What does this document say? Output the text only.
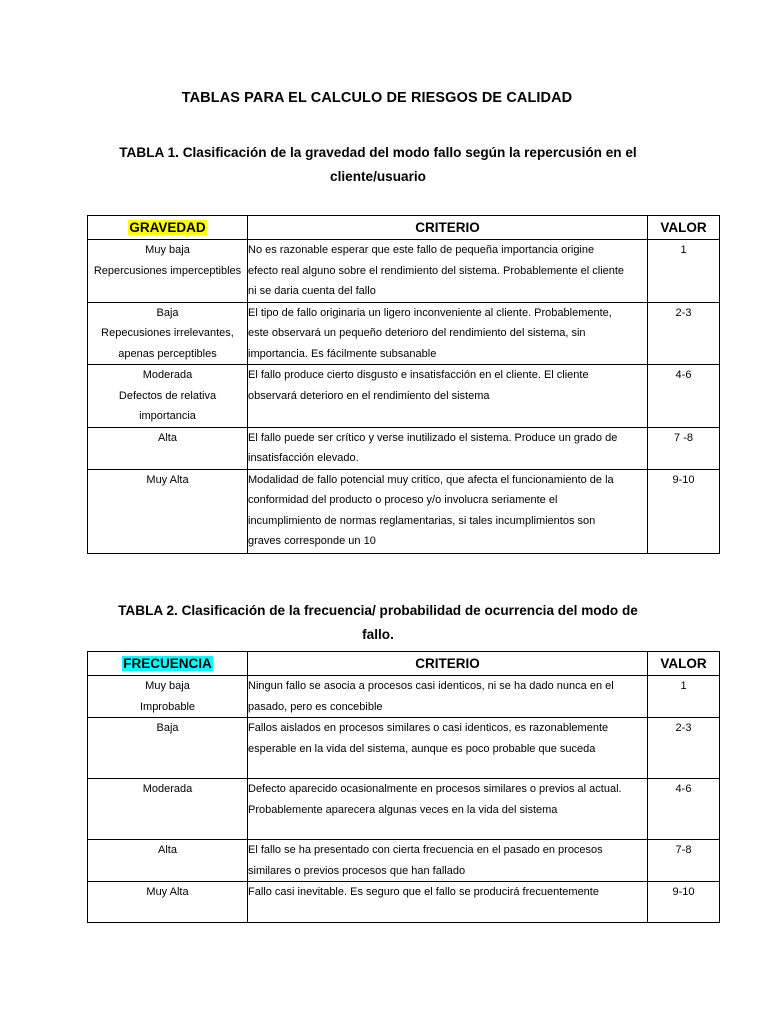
TABLAS PARA EL CALCULO DE RIESGOS DE CALIDAD
TABLA 1. Clasificación de la gravedad del modo fallo según la repercusión en el
cliente/usuario
GRAVEDAD	CRITERIO	VALOR

Muy baja
Repercusiones imperceptibles	No es razonable esperar que este fallo de pequeña importancia origine
efecto real alguno sobre el rendimiento del sistema. Probablemente el cliente
ni se daria cuenta del fallo	1

Baja
Repecusiones irrelevantes,
apenas perceptibles	El tipo de fallo originaria un ligero inconveniente al cliente. Probablemente,
este observará un pequeño deterioro del rendimiento del sistema, sin
importancia. Es fácilmente subsanable	2-3

Moderada
Defectos de relativa
importancia	El fallo produce cierto disgusto e insatisfacción en el cliente. El cliente
observará deterioro en el rendimiento del sistema	4-6

Alta	El fallo puede ser crítico y verse inutilizado el sistema. Produce un grado de
insatisfacción elevado.	7 -8

Muy Alta	Modalidad de fallo potencial muy critico, que afecta el funcionamiento de la
conformidad del producto o proceso y/o involucra seriamente el
incumplimiento de normas reglamentarias, si tales incumplimientos son
graves corresponde un 10	9-10
TABLA 2. Clasificación de la frecuencia/ probabilidad de ocurrencia del modo de
fallo.
FRECUENCIA	CRITERIO	VALOR

Muy baja
Improbable	Ningun fallo se asocia a procesos casi identicos, ni se ha dado nunca en el
pasado, pero es concebible	1

Baja	Fallos aislados en procesos similares o casi identicos, es razonablemente
esperable en la vida del sistema, aunque es poco probable que suceda	2-3

Moderada	Defecto aparecido ocasionalmente en procesos similares o previos al actual.
Probablemente aparecera algunas veces en la vida del sistema	4-6

Alta	El fallo se ha presentado con cierta frecuencia en el pasado en procesos
similares o previos procesos que han fallado	7-8

Muy Alta	Fallo casi inevitable. Es seguro que el fallo se producirá frecuentemente	9-10
